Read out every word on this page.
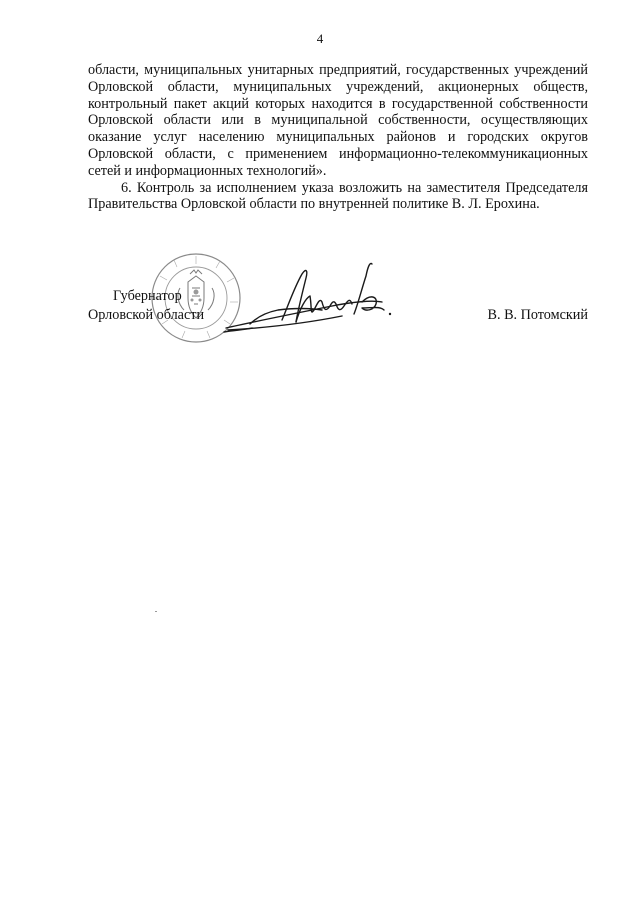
4

области, муниципальных унитарных предприятий, государственных учреждений Орловской области, муниципальных учреждений, акционерных обществ, контрольный пакет акций которых находится в государственной собственности Орловской области или в муниципальной собственности, осуществляющих оказание услуг населению муниципальных районов и городских округов Орловской области, с применением информационно-телекоммуникационных сетей и информационных технологий».

6. Контроль за исполнением указа возложить на заместителя Председателя Правительства Орловской области по внутренней политике В. Л. Ерохина.

Губернатор
Орловской области	В. В. Потомский
